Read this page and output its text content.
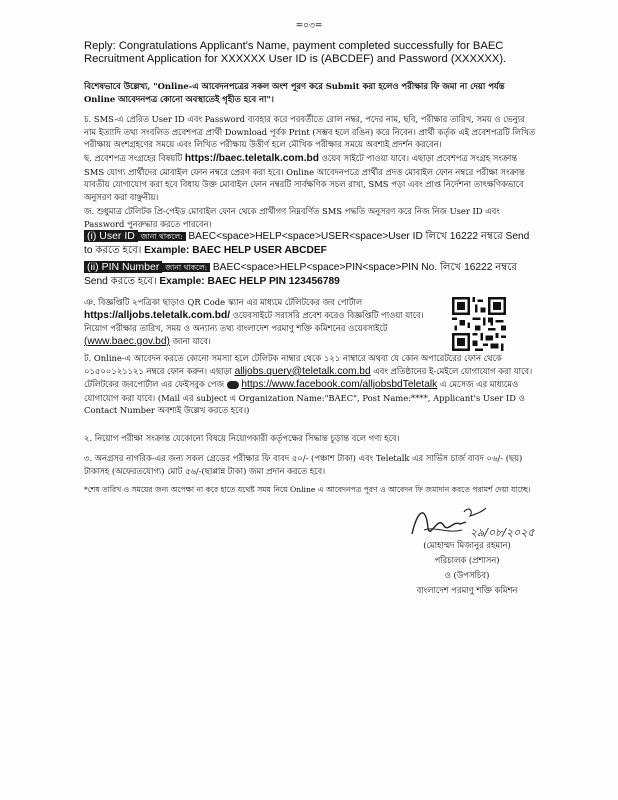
=০৩=
Reply: Congratulations Applicant's Name, payment completed successfully for BAEC Recruitment Application for XXXXXX User ID is (ABCDEF) and Password (XXXXXX).
বিশেষভাবে উল্লেখ্য, "Online-এ আবেদনপত্রের সকল অংশ পূরণ করে Submit করা হলেও পরীক্ষার ফি জমা না দেয়া পর্যন্ত Online আবেদনপত্র কোনো অবস্থাতেই গৃহীত হবে না"।
চ. SMS-এ প্রেরিত User ID এবং Password ব্যবহার করে পরবর্তীতে রোল নম্বর, পদের নাম, ছবি, পরীক্ষার তারিখ, সময় ও ভেন্যুর নাম ইত্যাদি তথ্য সংবলিত প্রবেশপত্র প্রার্থী Download পূর্বক Print (সম্ভব হলে রঙিন) করে নিবেন। প্রার্থী কর্তৃক এই প্রবেশপত্রটি লিখিত পরীক্ষায় অংশগ্রহণের সময়ে এবং লিখিত পরীক্ষায় উত্তীর্ণ হলে মৌখিক পরীক্ষার সময়ে অবশ্যই প্রদর্শন করবেন।
ছ. প্রবেশপত্র সংগ্রহের বিষয়টি https://baec.teletalk.com.bd ওয়েব সাইটে পাওয়া যাবে। এছাড়া প্রবেশপত্র সংগ্রহ সংক্রান্ত SMS যোগ্য প্রার্থীদের মোবাইল ফোন নম্বরে প্রেরণ করা হবে। Online আবেদনপত্রে প্রার্থীর প্রদত্ত মোবাইল ফোন নম্বরে পরীক্ষা সংক্রান্ত যাবতীয় যোগাযোগ করা হবে বিধায় উক্ত মোবাইল ফোন নম্বরটি সার্বক্ষণিক সচল রাখা, SMS পড়া এবং প্রাপ্ত নির্দেশনা তাৎক্ষণিকভাবে অনুসরণ করা বাঞ্ছনীয়।
জ. শুধুমাত্র টেলিটক প্রি-পেইড মোবাইল ফোন থেকে প্রার্থীগণ নিম্নবর্ণিত SMS পদ্ধতি অনুসরণ করে নিজ নিজ User ID এবং Password পুনরুদ্ধার করতে পারবেন।
(i) User ID জানা থাকলে: BAEC<space>HELP<space>USER<space>User ID লিখে 16222 নম্বরে Send to করতে হবে। Example: BAEC HELP USER ABCDEF
(ii) PIN Number জানা থাকলে: BAEC<space>HELP<space>PIN<space>PIN No. লিখে 16222 নম্বরে Send করতে হবে। Example: BAEC HELP PIN 123456789
ঞ. বিজ্ঞপ্তিটি ২পত্রিকা ছাড়াও QR Code স্ক্যান এর মাধ্যমে টেলিটকের জব পোর্টাল https://alljobs.teletalk.com.bd/ ওয়েবসাইটে সরাসরি প্রবেশ করেও বিজ্ঞপ্তিটি পাওয়া যাবে। নিয়োগ পরীক্ষার তারিখ, সময় ও অন্যান্য তথ্য বাংলাদেশ পরমাণু শক্তি কমিশনের ওয়েবসাইটে (www.baec.gov.bd) জানা যাবে।
ট. Online-এ আবেদন করতে কোনো সমস্যা হলে টেলিটক নাম্বার থেকে ১২১ নাম্বারে অথবা যে কোন অপারেটরের ফোন থেকে ০১৫০০১২১১২১ নম্বরে ফোন করুন। এছাড়া alljobs.query@teletalk.com.bd এবং প্রতিষ্ঠানের ই-মেইলে যোগাযোগ করা যাবে। টেলিটকের জবপোর্টাল এর ফেইসবুক পেজ https://www.facebook.com/alljobsbdTeletalk এ মেসেজ এর মাধ্যমেও যোগাযোগ করা যাবে। (Mail এর subject এ Organization Name:"BAEC", Post Name:****, Applicant's User ID ও Contact Number অবশ্যই উল্লেখ করতে হবে।)
২. নিয়োগ পরীক্ষা সংক্রান্ত যেকোনো বিষয়ে নিয়োগকারী কর্তৃপক্ষের সিদ্ধান্ত চূড়ান্ত বলে গণ্য হবে।
৩. অনগ্রসর নাগরিক-এর জন্য সকল গ্রেডের পরীক্ষার ফি বাবদ ৫০/- (পঞ্চাশ টাকা) এবং Teletalk এর সার্ভিস চার্জ বাবদ ০৬/- (ছয়) টাকাসহ (অফেরতযোগ্য) মোট ৫৬/-(ছাপ্পান্ন টাকা) জমা প্রদান করতে হবে।
*শেষ তারিখ ও সময়ের জন্য অপেক্ষা না করে হাতে যথেষ্ট সময় নিয়ে Online এ আবেদনপত্র পূরণ ও আবেদন ফি জমাদান করতে পরামর্শ দেয়া যাচ্ছে।
২৯/০৮/২০২৫
(মোহাম্মদ মিজানুর রহমান)
পরিচালক (প্রশাসন)
ও (উপসচিব)
বাংলাদেশ পরমাণু শক্তি কমিশন
